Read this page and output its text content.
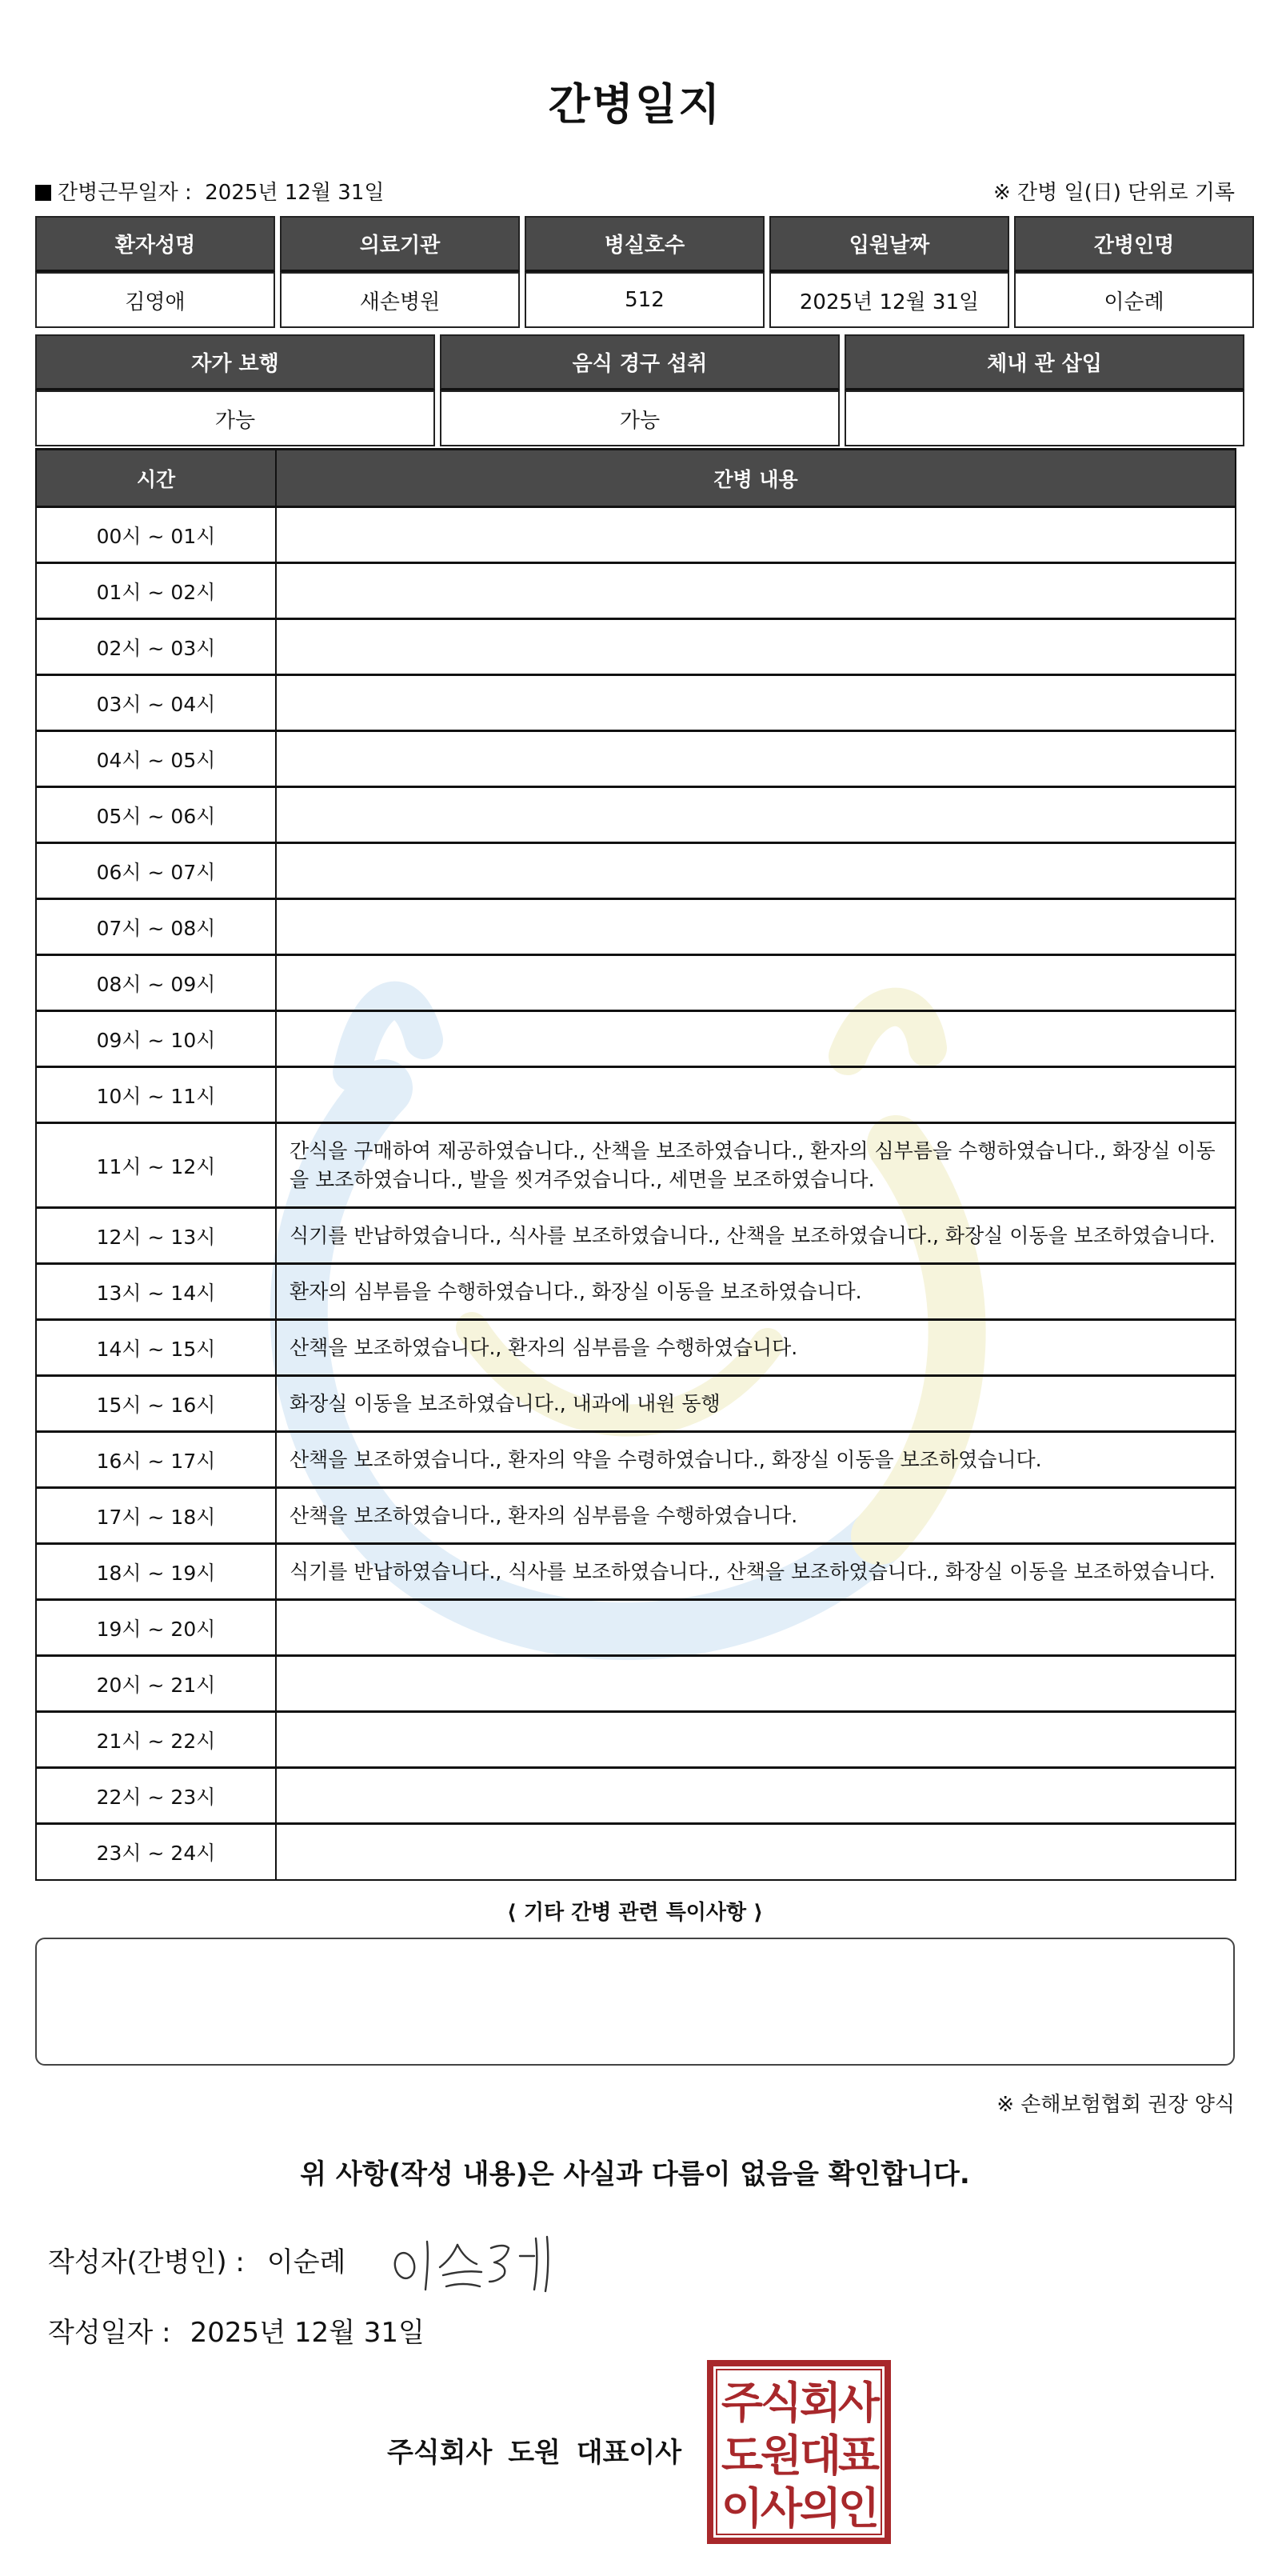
간병일지
간병근무일자 : 2025년 12월 31일	※ 간병 일(日) 단위로 기록
환자성명	의료기관	병실호수	입원날짜	간병인명
김영애	새손병원	512	2025년 12월 31일	이순례
자가 보행	음식 경구 섭취	체내 관 삽입
가능	가능	
시간	간병 내용
00시 ~ 01시	
01시 ~ 02시	
02시 ~ 03시	
03시 ~ 04시	
04시 ~ 05시	
05시 ~ 06시	
06시 ~ 07시	
07시 ~ 08시	
08시 ~ 09시	
09시 ~ 10시	
10시 ~ 11시	
11시 ~ 12시	간식을 구매하여 제공하였습니다., 산책을 보조하였습니다., 환자의 심부름을 수행하였습니다., 화장실 이동을 보조하였습니다., 발을 씻겨주었습니다., 세면을 보조하였습니다.
12시 ~ 13시	식기를 반납하였습니다., 식사를 보조하였습니다., 산책을 보조하였습니다., 화장실 이동을 보조하였습니다.
13시 ~ 14시	환자의 심부름을 수행하였습니다., 화장실 이동을 보조하였습니다.
14시 ~ 15시	산책을 보조하였습니다., 환자의 심부름을 수행하였습니다.
15시 ~ 16시	화장실 이동을 보조하였습니다., 내과에 내원 동행
16시 ~ 17시	산책을 보조하였습니다., 환자의 약을 수령하였습니다., 화장실 이동을 보조하였습니다.
17시 ~ 18시	산책을 보조하였습니다., 환자의 심부름을 수행하였습니다.
18시 ~ 19시	식기를 반납하였습니다., 식사를 보조하였습니다., 산책을 보조하였습니다., 화장실 이동을 보조하였습니다.
19시 ~ 20시	
20시 ~ 21시	
21시 ~ 22시	
22시 ~ 23시	
23시 ~ 24시	
⟨ 기타 간병 관련 특이사항 ⟩
※ 손해보험협회 권장 양식
위 사항(작성 내용)은 사실과 다름이 없음을 확인합니다.
작성자(간병인) : 이순례
작성일자 : 2025년 12월 31일
주식회사 도원 대표이사
주
식
회
사
도
원
대
표
이
사
의
인
